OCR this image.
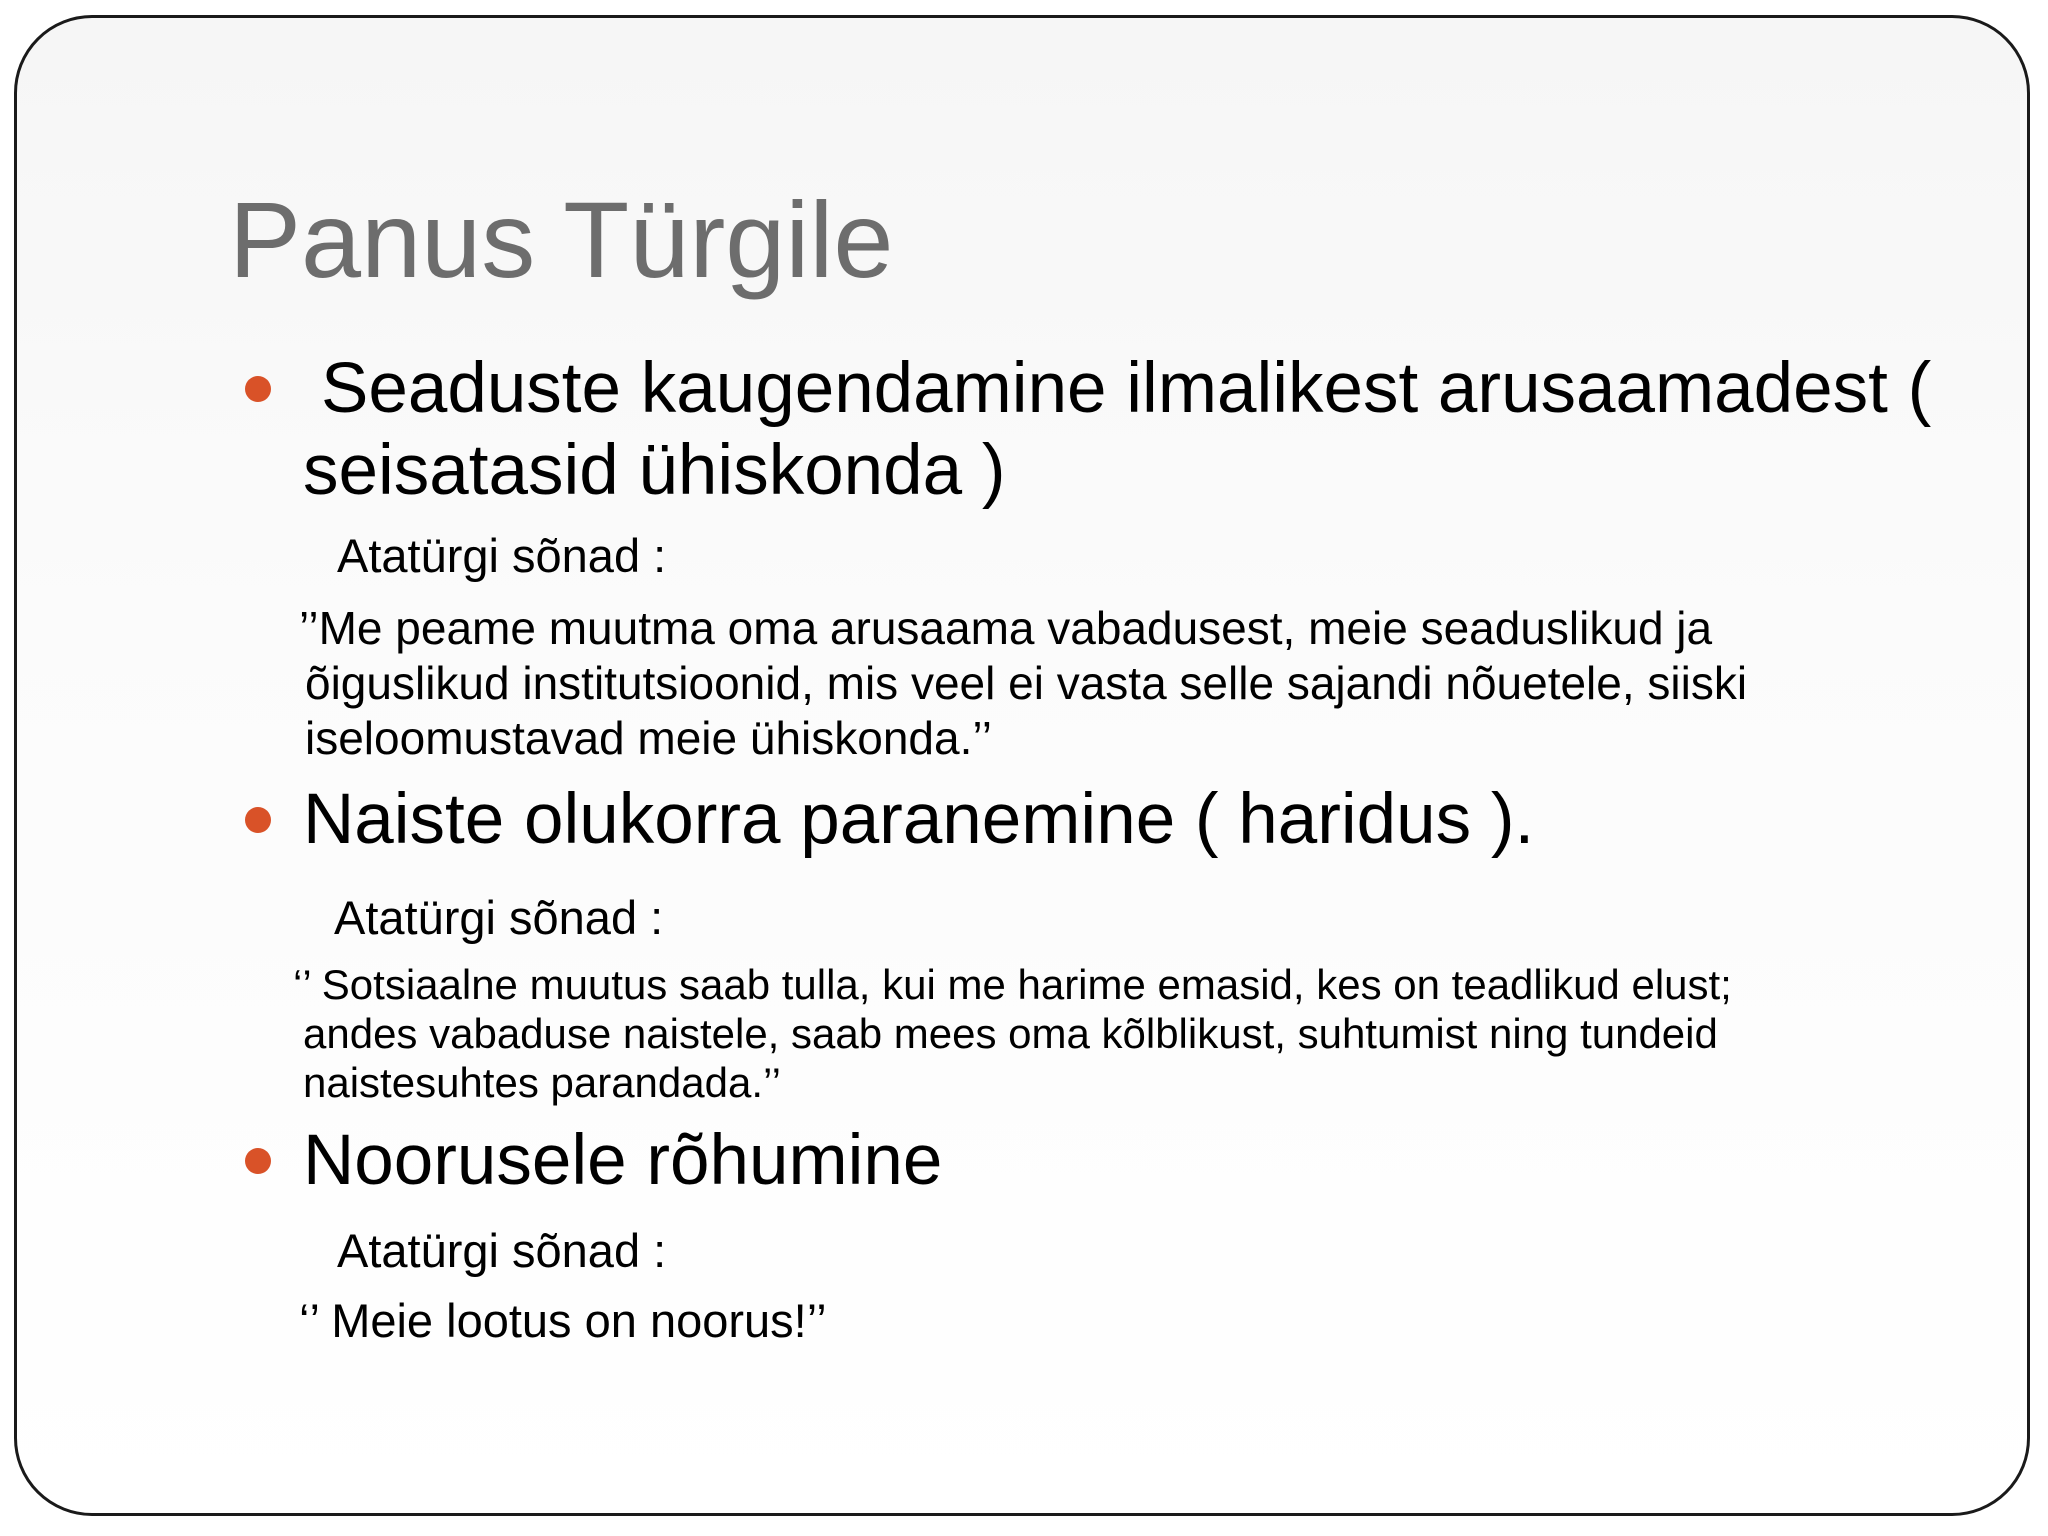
Panus Türgile
Seaduste kaugendamine ilmalikest arusaamadest ( seisatasid ühiskonda )
Atatürgi sõnad :
’’Me peame muutma oma arusaama vabadusest, meie seaduslikud ja
õiguslikud institutsioonid, mis veel ei vasta selle sajandi nõuetele, siiski
iseloomustavad meie ühiskonda.’’
Naiste olukorra paranemine ( haridus ).
Atatürgi sõnad :
‘’ Sotsiaalne muutus saab tulla, kui me harime emasid, kes on teadlikud elust;
andes vabaduse naistele, saab mees oma kõlblikust, suhtumist ning tundeid
naistesuhtes parandada.’’
Noorusele rõhumine
Atatürgi sõnad :
‘’ Meie lootus on noorus!’’
